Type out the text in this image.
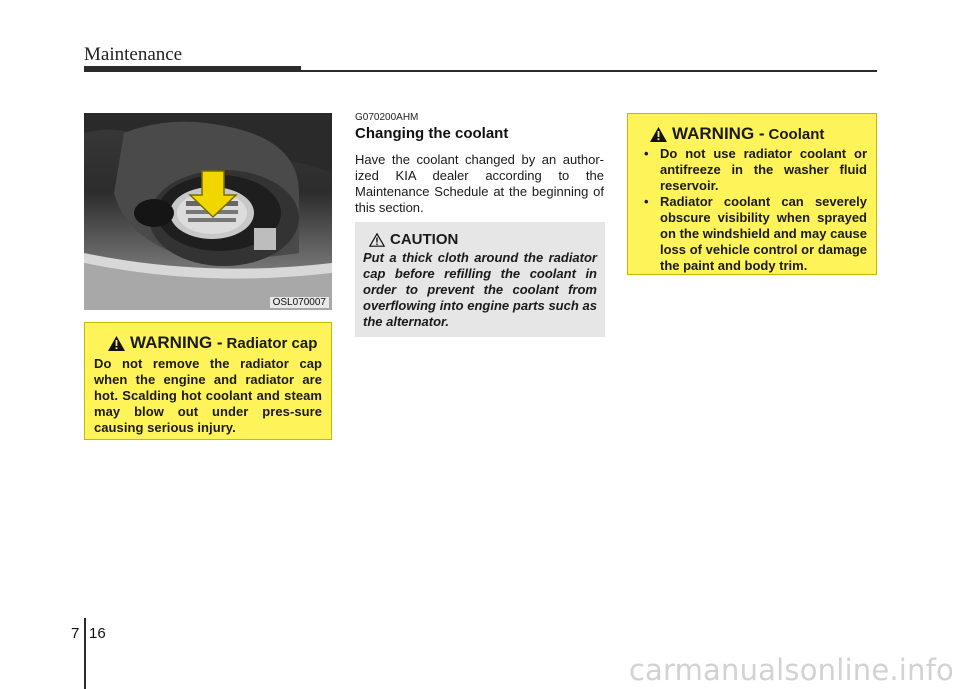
Maintenance
OSL070007
WARNING - Radiator cap
Do not remove the radiator cap when the engine and radiator are hot. Scalding hot coolant and steam may blow out under pres-sure causing serious injury.
G070200AHM
Changing the coolant
Have the coolant changed by an author-ized KIA dealer according to the Maintenance Schedule at the beginning of this section.
CAUTION
Put a thick cloth around the radiator cap before refilling the coolant in order to prevent the coolant from overflowing into engine parts such as the alternator.
WARNING - Coolant
• Do not use radiator coolant or antifreeze in the washer fluid reservoir.
• Radiator coolant can severely obscure visibility when sprayed on the windshield and may cause loss of vehicle control or damage the paint and body trim.
7 16
carmanualsonline.info
